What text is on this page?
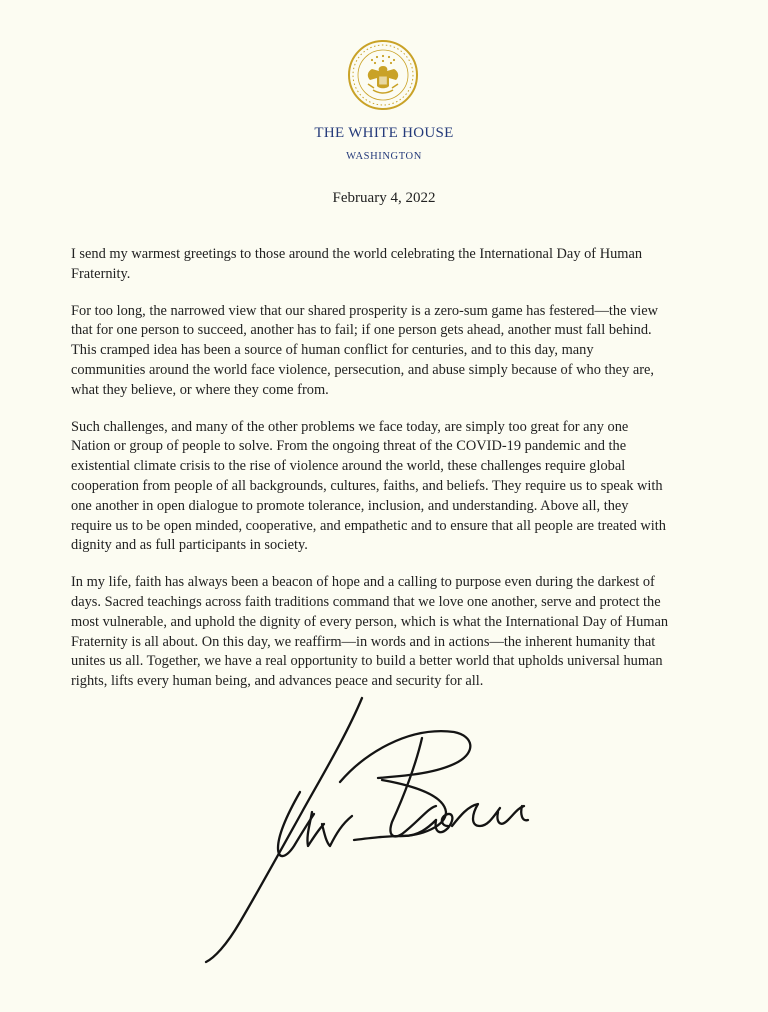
THE WHITE HOUSE
WASHINGTON
February 4, 2022

I send my warmest greetings to those around the world celebrating the International Day of Human Fraternity.

For too long, the narrowed view that our shared prosperity is a zero-sum game has festered—the view that for one person to succeed, another has to fail; if one person gets ahead, another must fall behind. This cramped idea has been a source of human conflict for centuries, and to this day, many communities around the world face violence, persecution, and abuse simply because of who they are, what they believe, or where they come from.

Such challenges, and many of the other problems we face today, are simply too great for any one Nation or group of people to solve. From the ongoing threat of the COVID-19 pandemic and the existential climate crisis to the rise of violence around the world, these challenges require global cooperation from people of all backgrounds, cultures, faiths, and beliefs. They require us to speak with one another in open dialogue to promote tolerance, inclusion, and understanding. Above all, they require us to be open minded, cooperative, and empathetic and to ensure that all people are treated with dignity and as full participants in society.

In my life, faith has always been a beacon of hope and a calling to purpose even during the darkest of days. Sacred teachings across faith traditions command that we love one another, serve and protect the most vulnerable, and uphold the dignity of every person, which is what the International Day of Human Fraternity is all about. On this day, we reaffirm—in words and in actions—the inherent humanity that unites us all. Together, we have a real opportunity to build a better world that upholds universal human rights, lifts every human being, and advances peace and security for all.
